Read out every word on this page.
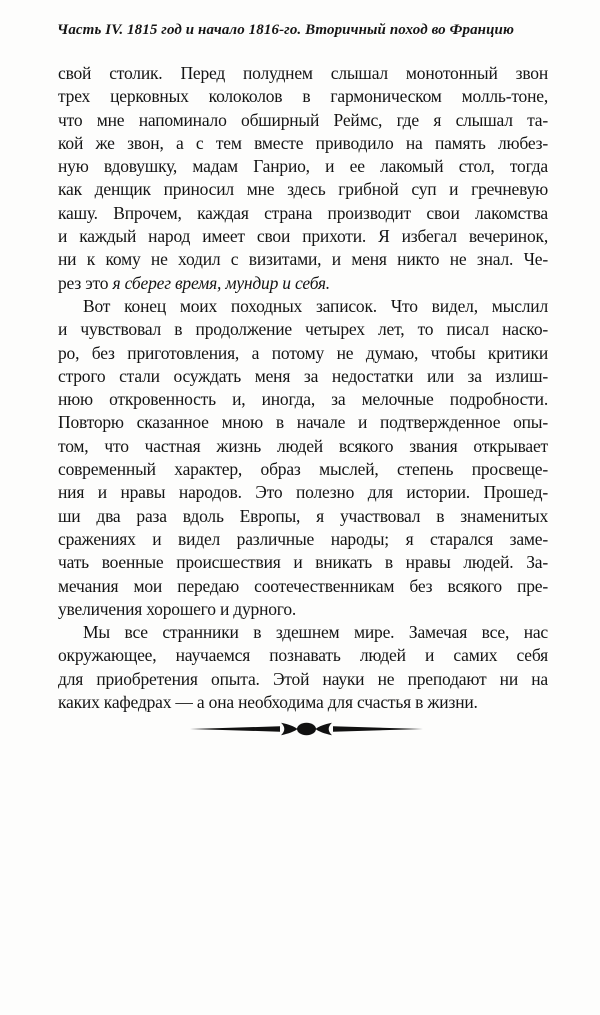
Часть IV. 1815 год и начало 1816-го. Вторичный поход во Францию
свой столик. Перед полуднем слышал монотонный звон
трех церковных колоколов в гармоническом молль-тоне,
что мне напоминало обширный Реймс, где я слышал та-
кой же звон, а с тем вместе приводило на память любез-
ную вдовушку, мадам Ганрио, и ее лакомый стол, тогда
как денщик приносил мне здесь грибной суп и гречневую
кашу. Впрочем, каждая страна производит свои лакомства
и каждый народ имеет свои прихоти. Я избегал вечеринок,
ни к кому не ходил с визитами, и меня никто не знал. Че-
рез это я сберег время, мундир и себя.
Вот конец моих походных записок. Что видел, мыслил
и чувствовал в продолжение четырех лет, то писал наско-
ро, без приготовления, а потому не думаю, чтобы критики
строго стали осуждать меня за недостатки или за излиш-
нюю откровенность и, иногда, за мелочные подробности.
Повторю сказанное мною в начале и подтвержденное опы-
том, что частная жизнь людей всякого звания открывает
современный характер, образ мыслей, степень просвеще-
ния и нравы народов. Это полезно для истории. Прошед-
ши два раза вдоль Европы, я участвовал в знаменитых
сражениях и видел различные народы; я старался заме-
чать военные происшествия и вникать в нравы людей. За-
мечания мои передаю соотечественникам без всякого пре-
увеличения хорошего и дурного.
Мы все странники в здешнем мире. Замечая все, нас
окружающее, научаемся познавать людей и самих себя
для приобретения опыта. Этой науки не преподают ни на
каких кафедрах — а она необходима для счастья в жизни.
